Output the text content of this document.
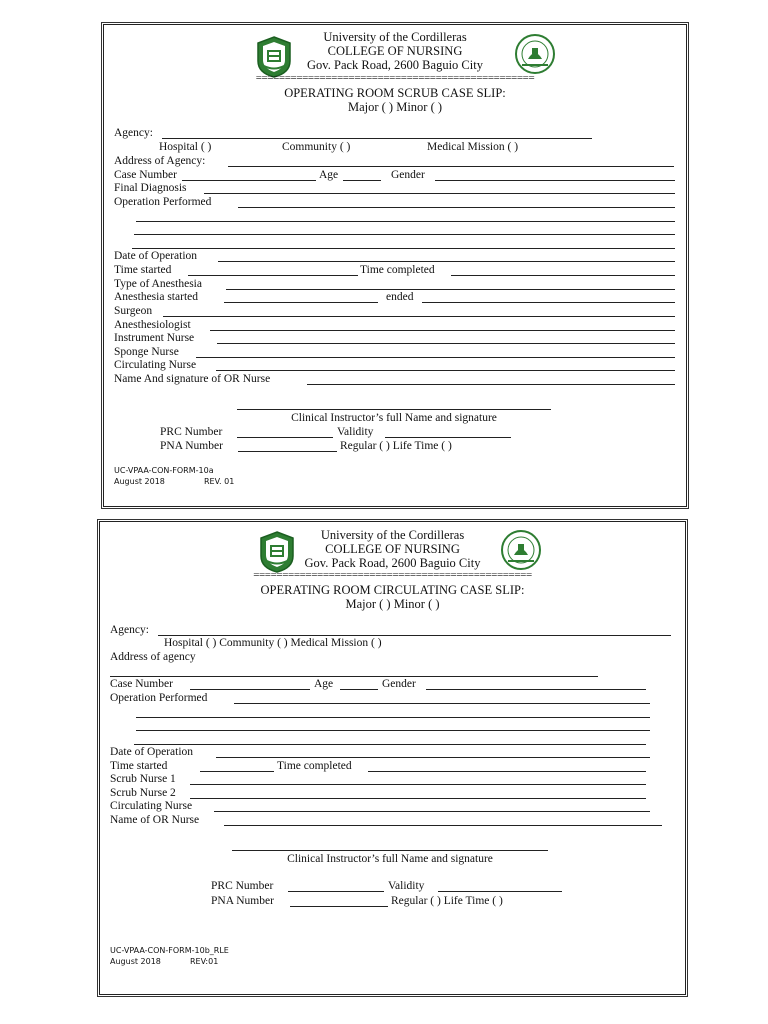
University of the Cordilleras
COLLEGE OF NURSING
Gov. Pack Road, 2600 Baguio City
================================================
OPERATING ROOM SCRUB CASE SLIP:
Major ( ) Minor ( )
Agency:
Hospital ( )	Community ( )	Medical Mission ( )
Address of Agency:
Case Number	Age	Gender
Final Diagnosis
Operation Performed
Date of Operation
Time started	Time completed
Type of Anesthesia
Anesthesia started	ended
Surgeon
Anesthesiologist
Instrument Nurse
Sponge Nurse
Circulating Nurse
Name And signature of OR Nurse
Clinical Instructor’s full Name and signature
PRC Number	Validity
PNA Number	Regular ( ) Life Time ( )
UC-VPAA-CON-FORM-10a
August 2018	REV. 01
University of the Cordilleras
COLLEGE OF NURSING
Gov. Pack Road, 2600 Baguio City
================================================
OPERATING ROOM CIRCULATING CASE SLIP:
Major ( ) Minor ( )
Agency:
Hospital ( ) Community ( ) Medical Mission ( )
Address of agency
Case Number	Age	Gender
Operation Performed
Date of Operation
Time started	Time completed
Scrub Nurse 1
Scrub Nurse 2
Circulating Nurse
Name of OR Nurse
Clinical Instructor’s full Name and signature
PRC Number	Validity
PNA Number	Regular ( ) Life Time ( )
UC-VPAA-CON-FORM-10b_RLE
August 2018	REV:01
